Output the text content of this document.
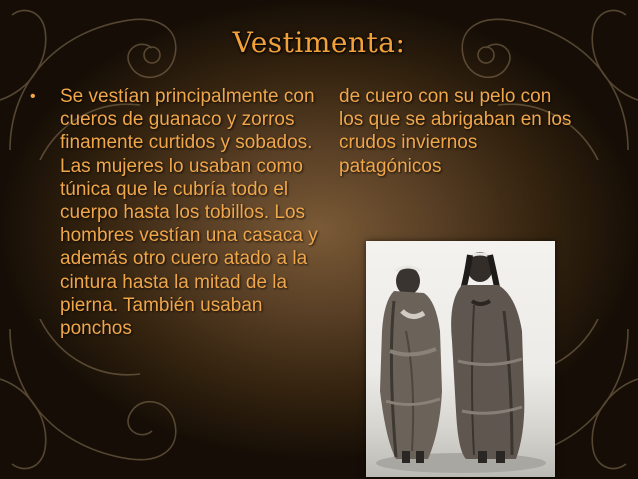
Vestimenta:
• Se vestían principalmente con cueros de guanaco y zorros finamente curtidos y sobados. Las mujeres lo usaban como túnica que le cubría todo el cuerpo hasta los tobillos. Los hombres vestían una casaca y además otro cuero atado a la cintura hasta la mitad de la pierna. También usaban ponchos
de cuero con su pelo con los que se abrigaban en los crudos inviernos patagónicos
